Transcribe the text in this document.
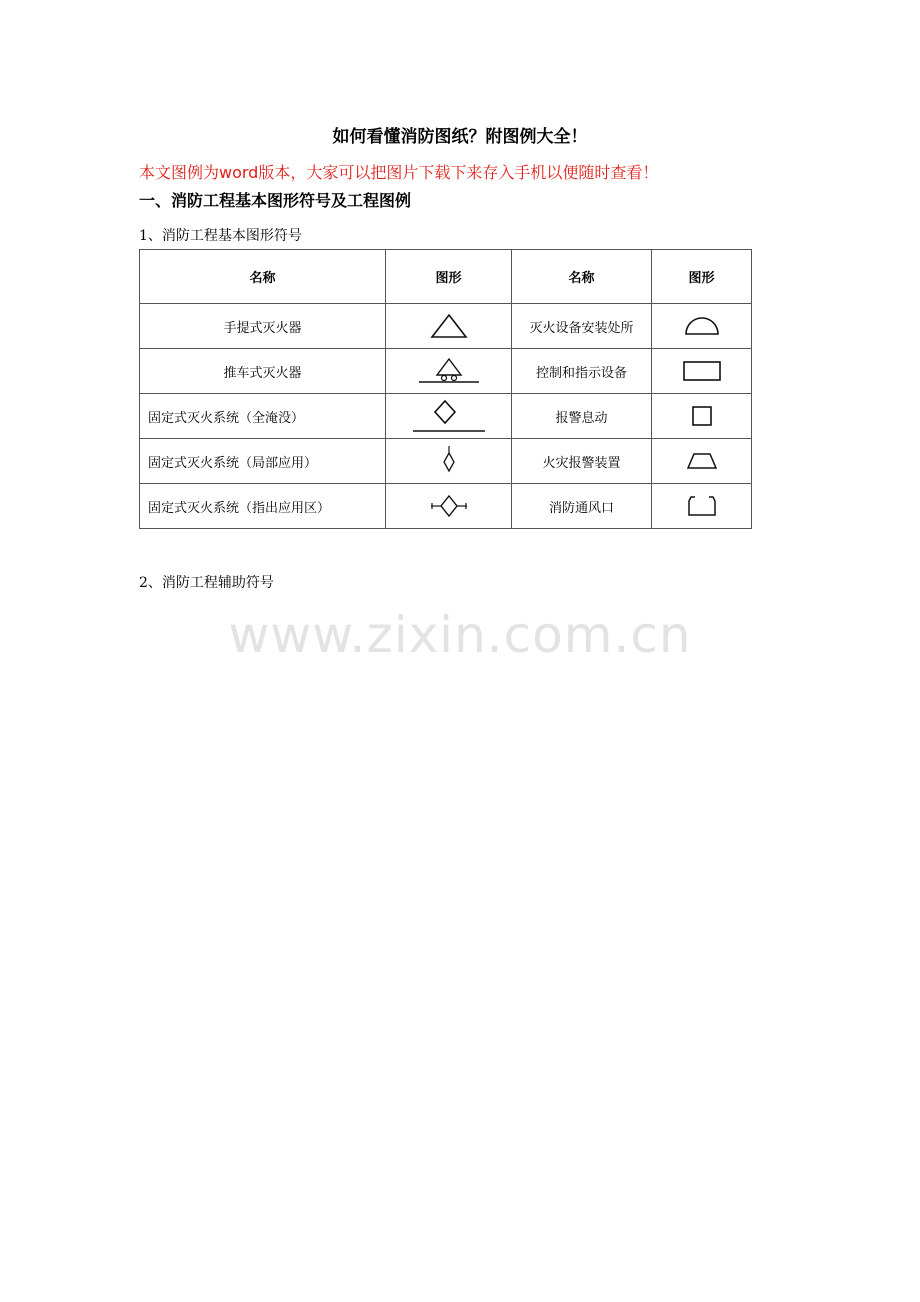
如何看懂消防图纸？附图例大全！
本文图例为word版本，大家可以把图片下载下来存入手机以便随时查看！
一、消防工程基本图形符号及工程图例
1、消防工程基本图形符号
名称	图形	名称	图形
手提式灭火器		灭火设备安装处所	

推车式灭火器		控制和指示设备	

固定式灭火系统（全淹没）		报警息动	

固定式灭火系统（局部应用）		火灾报警装置	

固定式灭火系统（指出应用区）		消防通风口	
2、消防工程辅助符号
www.zixin.com.cn
